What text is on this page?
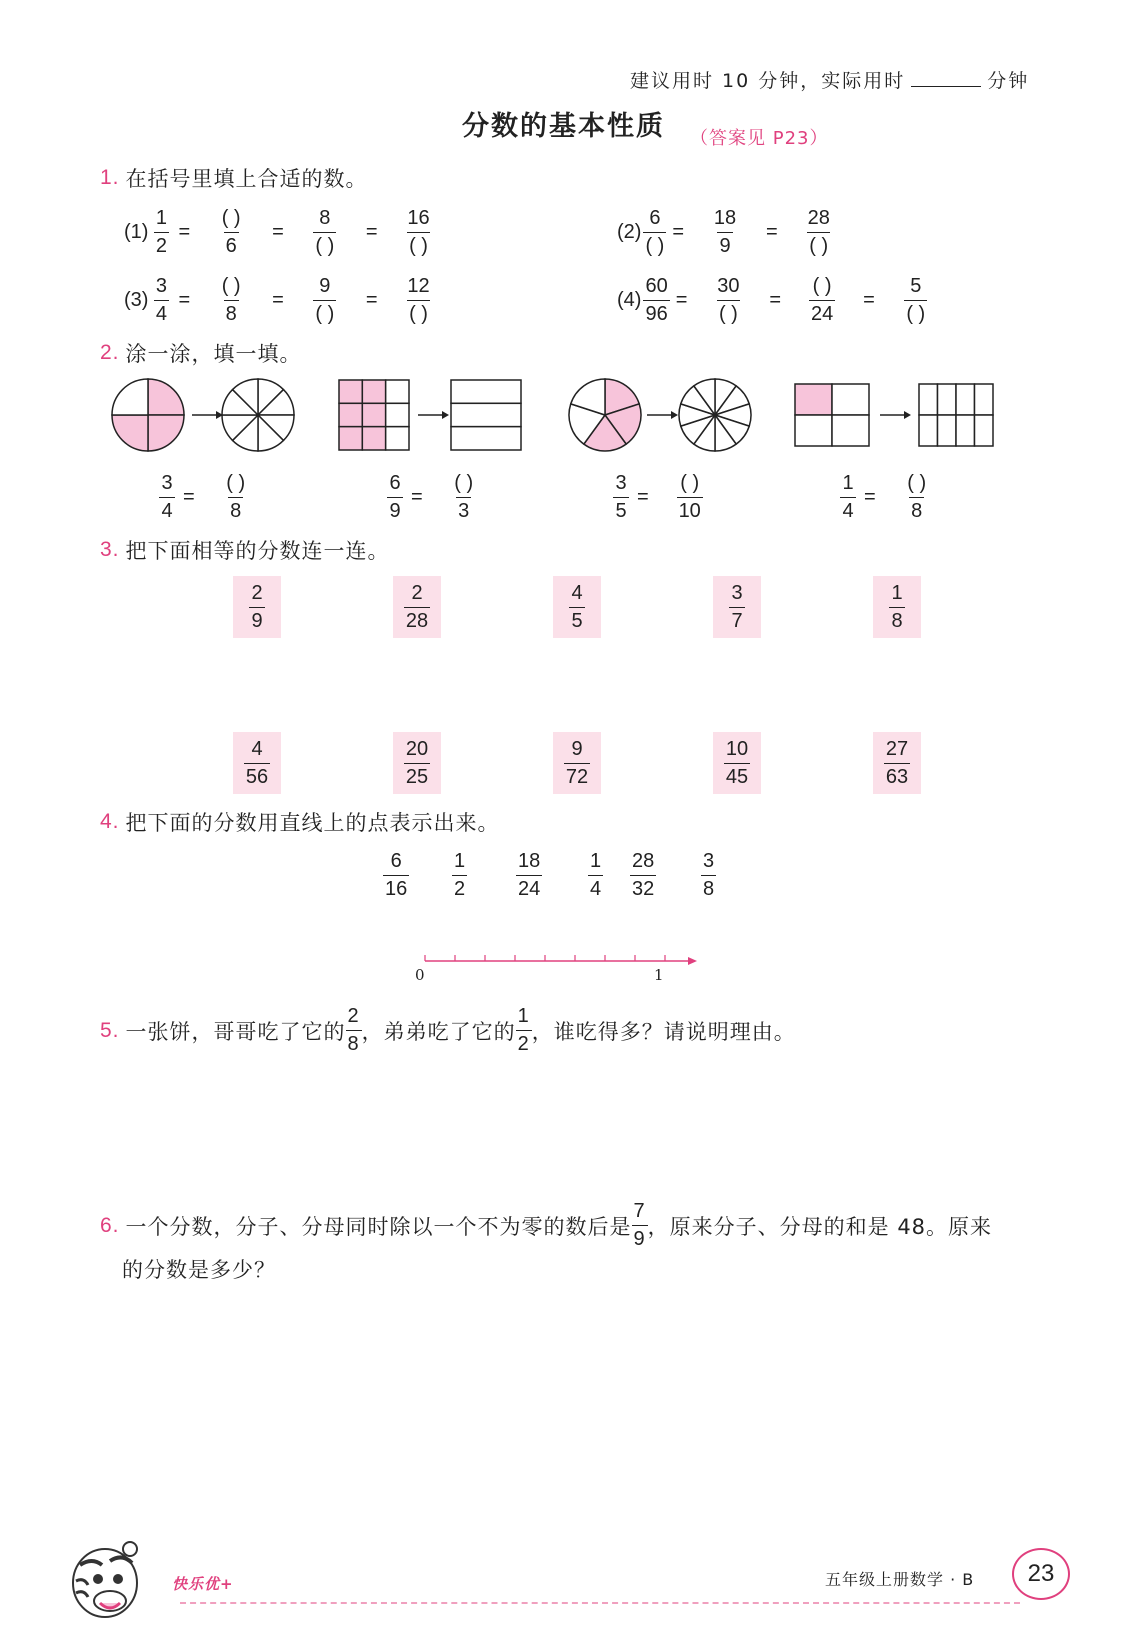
建议用时 10 分钟，实际用时	分钟
分数的基本性质 （答案见 P23）
1. 在括号里填上合适的数。
$(1) \frac{1}{2} = \frac{( )}{6} = \frac{8}{( )} = \frac{16}{( )}$	$(2) \frac{6}{( )} = \frac{18}{9} = \frac{28}{( )}$
$(3) \frac{3}{4} = \frac{( )}{8} = \frac{9}{( )} = \frac{12}{( )}$	$(4) \frac{60}{96} = \frac{30}{( )} = \frac{( )}{24} = \frac{5}{( )}$
2. 涂一涂，填一填。
$\frac{3}{4} = \frac{( )}{8}$	$\frac{6}{9} = \frac{( )}{3}$	$\frac{3}{5} = \frac{( )}{10}$	$\frac{1}{4} = \frac{( )}{8}$
3. 把下面相等的分数连一连。
$\frac{2}{9}$	$\frac{2}{28}$	$\frac{4}{5}$	$\frac{3}{7}$	$\frac{1}{8}$
$\frac{4}{56}$	$\frac{20}{25}$	$\frac{9}{72}$	$\frac{10}{45}$	$\frac{27}{63}$
4. 把下面的分数用直线上的点表示出来。
$\frac{6}{16} \frac{1}{2} \frac{18}{24} \frac{1}{4} \frac{28}{32} \frac{3}{8}$
0	1
5. 一张饼，哥哥吃了它的 $\frac{2}{8}$ ，弟弟吃了它的 $\frac{1}{2}$ ，谁吃得多？请说明理由。
6. 一个分数，分子、分母同时除以一个不为零的数后是 $\frac{7}{9}$ ，原来分子、分母的和是 48。原来
的分数是多少？
快乐优+	五年级上册数学 · B	23
